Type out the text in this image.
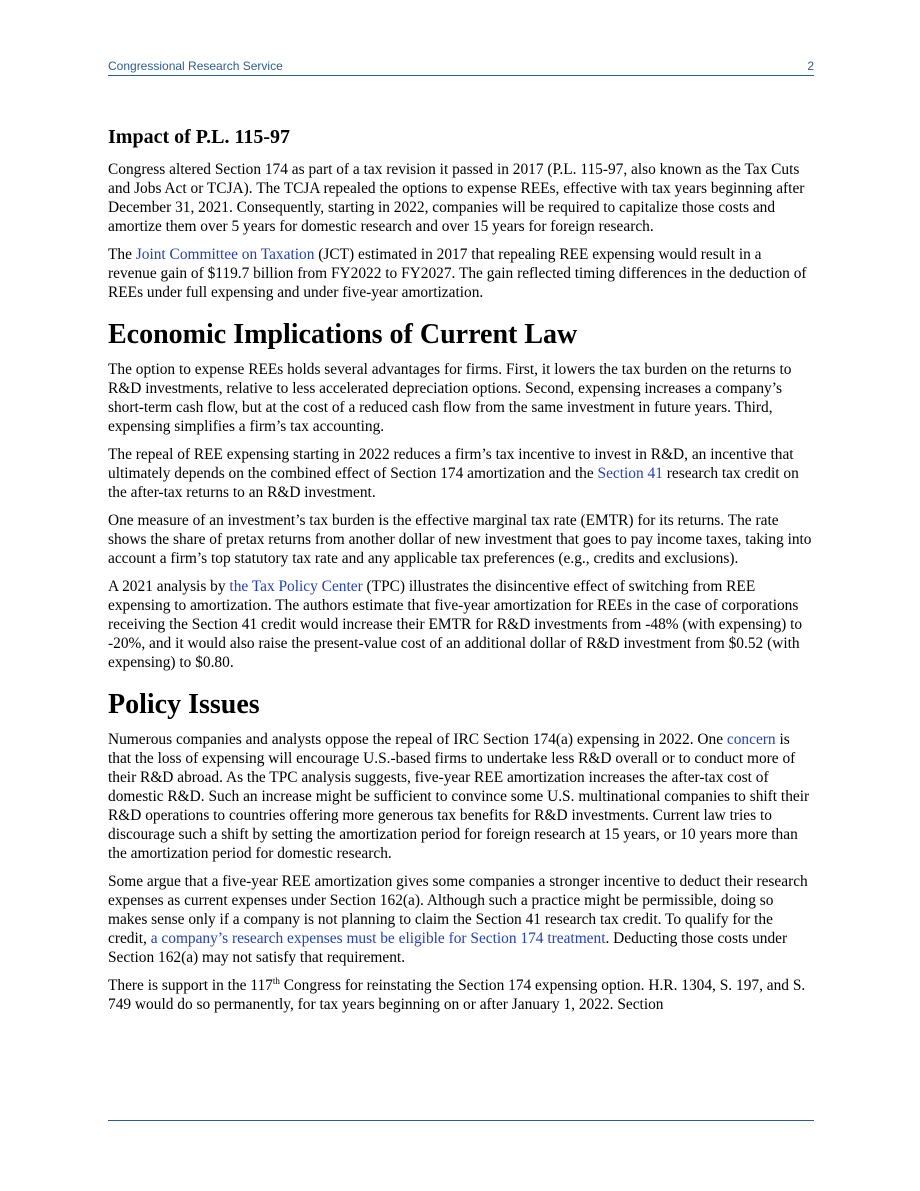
Congressional Research Service	2
Impact of P.L. 115-97

Congress altered Section 174 as part of a tax revision it passed in 2017 (P.L. 115-97, also known as the Tax Cuts and Jobs Act or TCJA). The TCJA repealed the options to expense REEs, effective with tax years beginning after December 31, 2021. Consequently, starting in 2022, companies will be required to capitalize those costs and amortize them over 5 years for domestic research and over 15 years for foreign research.

The Joint Committee on Taxation (JCT) estimated in 2017 that repealing REE expensing would result in a revenue gain of $119.7 billion from FY2022 to FY2027. The gain reflected timing differences in the deduction of REEs under full expensing and under five-year amortization.

Economic Implications of Current Law

The option to expense REEs holds several advantages for firms. First, it lowers the tax burden on the returns to R&D investments, relative to less accelerated depreciation options. Second, expensing increases a company’s short-term cash flow, but at the cost of a reduced cash flow from the same investment in future years. Third, expensing simplifies a firm’s tax accounting.

The repeal of REE expensing starting in 2022 reduces a firm’s tax incentive to invest in R&D, an incentive that ultimately depends on the combined effect of Section 174 amortization and the Section 41 research tax credit on the after-tax returns to an R&D investment.

One measure of an investment’s tax burden is the effective marginal tax rate (EMTR) for its returns. The rate shows the share of pretax returns from another dollar of new investment that goes to pay income taxes, taking into account a firm’s top statutory tax rate and any applicable tax preferences (e.g., credits and exclusions).

A 2021 analysis by the Tax Policy Center (TPC) illustrates the disincentive effect of switching from REE expensing to amortization. The authors estimate that five-year amortization for REEs in the case of corporations receiving the Section 41 credit would increase their EMTR for R&D investments from -48% (with expensing) to -20%, and it would also raise the present-value cost of an additional dollar of R&D investment from $0.52 (with expensing) to $0.80.

Policy Issues

Numerous companies and analysts oppose the repeal of IRC Section 174(a) expensing in 2022. One concern is that the loss of expensing will encourage U.S.-based firms to undertake less R&D overall or to conduct more of their R&D abroad. As the TPC analysis suggests, five-year REE amortization increases the after-tax cost of domestic R&D. Such an increase might be sufficient to convince some U.S. multinational companies to shift their R&D operations to countries offering more generous tax benefits for R&D investments. Current law tries to discourage such a shift by setting the amortization period for foreign research at 15 years, or 10 years more than the amortization period for domestic research.

Some argue that a five-year REE amortization gives some companies a stronger incentive to deduct their research expenses as current expenses under Section 162(a). Although such a practice might be permissible, doing so makes sense only if a company is not planning to claim the Section 41 research tax credit. To qualify for the credit, a company’s research expenses must be eligible for Section 174 treatment. Deducting those costs under Section 162(a) may not satisfy that requirement.

There is support in the 117th Congress for reinstating the Section 174 expensing option. H.R. 1304, S. 197, and S. 749 would do so permanently, for tax years beginning on or after January 1, 2022. Section
